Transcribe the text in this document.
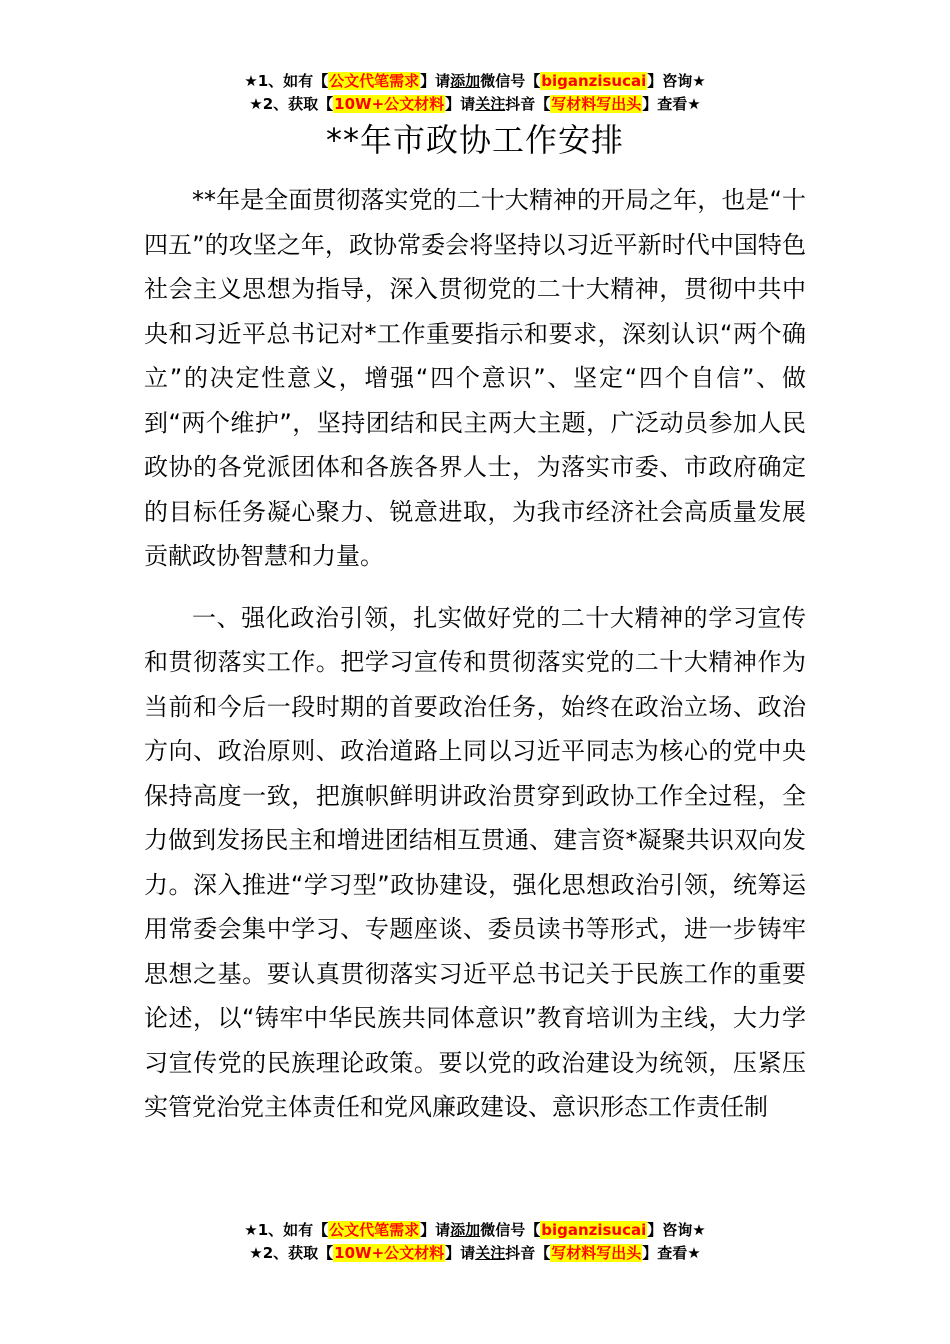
★1、如有【公文代笔需求】请添加微信号【biganzisucai】咨询★
★2、获取【10W+公文材料】请关注抖音【写材料写出头】查看★
**年市政协工作安排

**年是全面贯彻落实党的二十大精神的开局之年，也是“十四五”的攻坚之年，政协常委会将坚持以习近平新时代中国特色社会主义思想为指导，深入贯彻党的二十大精神，贯彻中共中央和习近平总书记对*工作重要指示和要求，深刻认识“两个确立”的决定性意义，增强“四个意识”、坚定“四个自信”、做到“两个维护”，坚持团结和民主两大主题，广泛动员参加人民政协的各党派团体和各族各界人士，为落实市委、市政府确定的目标任务凝心聚力、锐意进取，为我市经济社会高质量发展贡献政协智慧和力量。

一、强化政治引领，扎实做好党的二十大精神的学习宣传和贯彻落实工作。把学习宣传和贯彻落实党的二十大精神作为当前和今后一段时期的首要政治任务，始终在政治立场、政治方向、政治原则、政治道路上同以习近平同志为核心的党中央保持高度一致，把旗帜鲜明讲政治贯穿到政协工作全过程，全力做到发扬民主和增进团结相互贯通、建言资*凝聚共识双向发力。深入推进“学习型”政协建设，强化思想政治引领，统筹运用常委会集中学习、专题座谈、委员读书等形式，进一步铸牢思想之基。要认真贯彻落实习近平总书记关于民族工作的重要论述，以“铸牢中华民族共同体意识”教育培训为主线，大力学习宣传党的民族理论政策。要以党的政治建设为统领，压紧压实管党治党主体责任和党风廉政建设、意识形态工作责任制

★1、如有【公文代笔需求】请添加微信号【biganzisucai】咨询★
★2、获取【10W+公文材料】请关注抖音【写材料写出头】查看★
